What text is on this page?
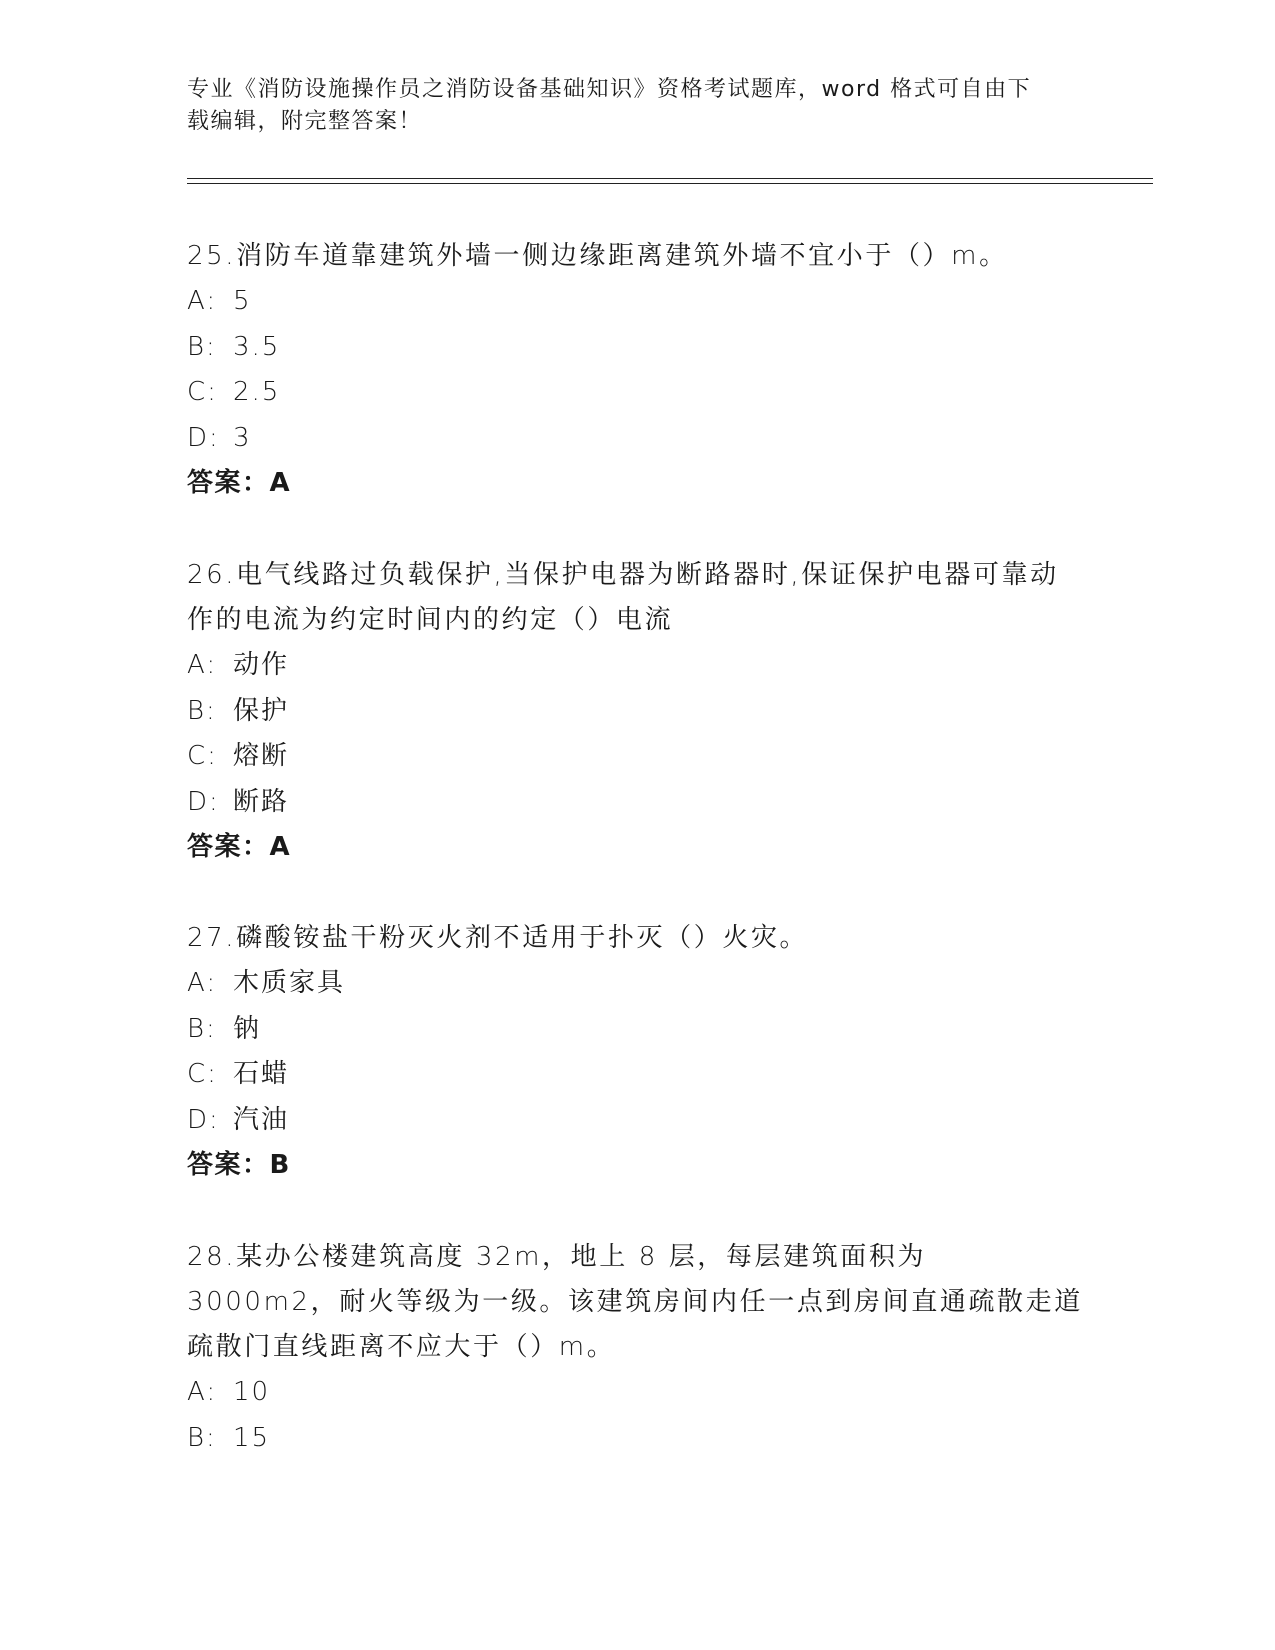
专业《消防设施操作员之消防设备基础知识》资格考试题库，word 格式可自由下
载编辑，附完整答案！
25.消防车道靠建筑外墙一侧边缘距离建筑外墙不宜小于（）m。
A: 5
B: 3.5
C: 2.5
D: 3
答案：A
26.电气线路过负载保护,当保护电器为断路器时,保证保护电器可靠动作的电流为约定时间内的约定（）电流
A: 动作
B: 保护
C: 熔断
D: 断路
答案：A
27.磷酸铵盐干粉灭火剂不适用于扑灭（）火灾。
A: 木质家具
B: 钠
C: 石蜡
D: 汽油
答案：B
28.某办公楼建筑高度 32m，地上 8 层，每层建筑面积为 3000m2，耐火等级为一级。该建筑房间内任一点到房间直通疏散走道疏散门直线距离不应大于（）m。
A: 10
B: 15
